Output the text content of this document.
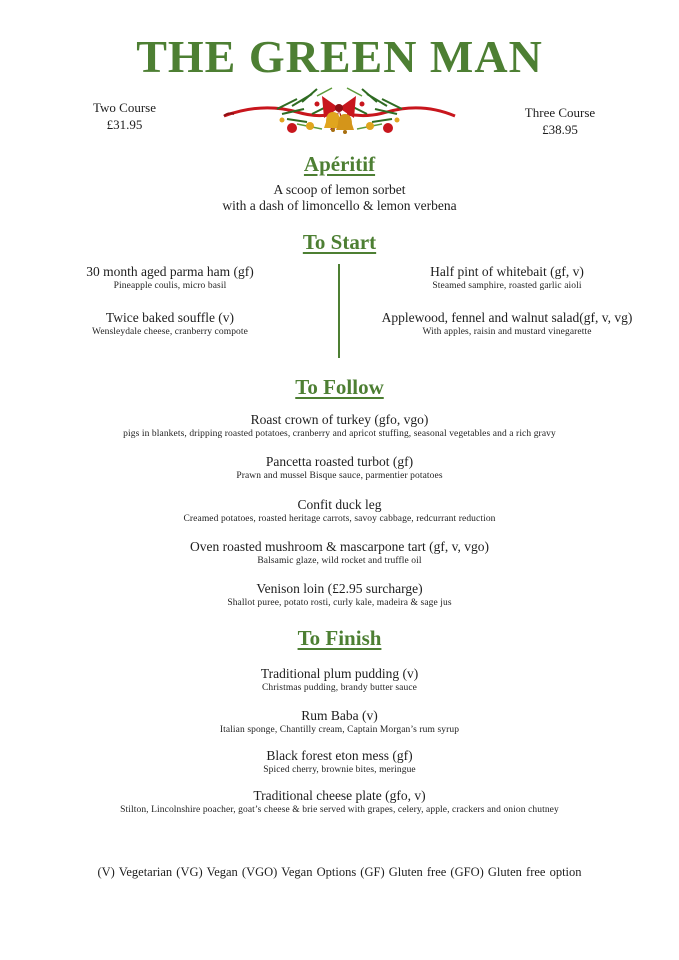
THE GREEN MAN
Two Course
£31.95
Three Course
£38.95
Apéritif
A scoop of lemon sorbet
with a dash of limoncello & lemon verbena
To Start
30 month aged parma ham (gf)
Pineapple coulis, micro basil
Twice baked souffle (v)
Wensleydale cheese, cranberry compote
Half pint of whitebait (gf, v)
Steamed samphire, roasted garlic aioli
Applewood, fennel and walnut salad(gf, v, vg)
With apples, raisin and mustard vinegarette
To Follow
Roast crown of turkey (gfo, vgo)
pigs in blankets, dripping roasted potatoes, cranberry and apricot stuffing, seasonal vegetables and a rich gravy
Pancetta roasted turbot (gf)
Prawn and mussel Bisque sauce, parmentier potatoes
Confit duck leg
Creamed potatoes, roasted heritage carrots, savoy cabbage, redcurrant reduction
Oven roasted mushroom & mascarpone tart (gf, v, vgo)
Balsamic glaze, wild rocket and truffle oil
Venison loin (£2.95 surcharge)
Shallot puree, potato rosti, curly kale, madeira & sage jus
To Finish
Traditional plum pudding (v)
Christmas pudding, brandy butter sauce
Rum Baba (v)
Italian sponge, Chantilly cream, Captain Morgan’s rum syrup
Black forest eton mess (gf)
Spiced cherry, brownie bites, meringue
Traditional cheese plate (gfo, v)
Stilton, Lincolnshire poacher, goat’s cheese & brie served with grapes, celery, apple, crackers and onion chutney
(V) Vegetarian (VG) Vegan (VGO) Vegan Options (GF) Gluten free (GFO) Gluten free option
